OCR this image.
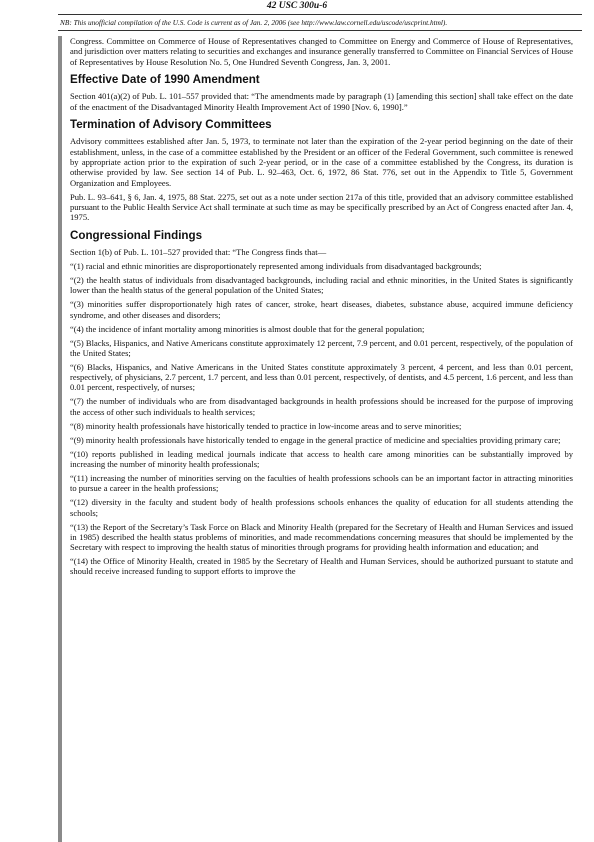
42 USC 300u-6
NB: This unofficial compilation of the U.S. Code is current as of Jan. 2, 2006 (see http://www.law.cornell.edu/uscode/uscprint.html).

Congress. Committee on Commerce of House of Representatives changed to Committee on Energy and Commerce of House of Representatives, and jurisdiction over matters relating to securities and exchanges and insurance generally transferred to Committee on Financial Services of House of Representatives by House Resolution No. 5, One Hundred Seventh Congress, Jan. 3, 2001.

Effective Date of 1990 Amendment

Section 401(a)(2) of Pub. L. 101–557 provided that: “The amendments made by paragraph (1) [amending this section] shall take effect on the date of the enactment of the Disadvantaged Minority Health Improvement Act of 1990 [Nov. 6, 1990].”

Termination of Advisory Committees

Advisory committees established after Jan. 5, 1973, to terminate not later than the expiration of the 2-year period beginning on the date of their establishment, unless, in the case of a committee established by the President or an officer of the Federal Government, such committee is renewed by appropriate action prior to the expiration of such 2-year period, or in the case of a committee established by the Congress, its duration is otherwise provided by law. See section 14 of Pub. L. 92–463, Oct. 6, 1972, 86 Stat. 776, set out in the Appendix to Title 5, Government Organization and Employees.

Pub. L. 93–641, § 6, Jan. 4, 1975, 88 Stat. 2275, set out as a note under section 217a of this title, provided that an advisory committee established pursuant to the Public Health Service Act shall terminate at such time as may be specifically prescribed by an Act of Congress enacted after Jan. 4, 1975.

Congressional Findings

Section 1(b) of Pub. L. 101–527 provided that: “The Congress finds that—

“(1) racial and ethnic minorities are disproportionately represented among individuals from disadvantaged backgrounds;

“(2) the health status of individuals from disadvantaged backgrounds, including racial and ethnic minorities, in the United States is significantly lower than the health status of the general population of the United States;

“(3) minorities suffer disproportionately high rates of cancer, stroke, heart diseases, diabetes, substance abuse, acquired immune deficiency syndrome, and other diseases and disorders;

“(4) the incidence of infant mortality among minorities is almost double that for the general population;

“(5) Blacks, Hispanics, and Native Americans constitute approximately 12 percent, 7.9 percent, and 0.01 percent, respectively, of the population of the United States;

“(6) Blacks, Hispanics, and Native Americans in the United States constitute approximately 3 percent, 4 percent, and less than 0.01 percent, respectively, of physicians, 2.7 percent, 1.7 percent, and less than 0.01 percent, respectively, of dentists, and 4.5 percent, 1.6 percent, and less than 0.01 percent, respectively, of nurses;

“(7) the number of individuals who are from disadvantaged backgrounds in health professions should be increased for the purpose of improving the access of other such individuals to health services;

“(8) minority health professionals have historically tended to practice in low-income areas and to serve minorities;

“(9) minority health professionals have historically tended to engage in the general practice of medicine and specialties providing primary care;

“(10) reports published in leading medical journals indicate that access to health care among minorities can be substantially improved by increasing the number of minority health professionals;

“(11) increasing the number of minorities serving on the faculties of health professions schools can be an important factor in attracting minorities to pursue a career in the health professions;

“(12) diversity in the faculty and student body of health professions schools enhances the quality of education for all students attending the schools;

“(13) the Report of the Secretary’s Task Force on Black and Minority Health (prepared for the Secretary of Health and Human Services and issued in 1985) described the health status problems of minorities, and made recommendations concerning measures that should be implemented by the Secretary with respect to improving the health status of minorities through programs for providing health information and education; and

“(14) the Office of Minority Health, created in 1985 by the Secretary of Health and Human Services, should be authorized pursuant to statute and should receive increased funding to support efforts to improve the
